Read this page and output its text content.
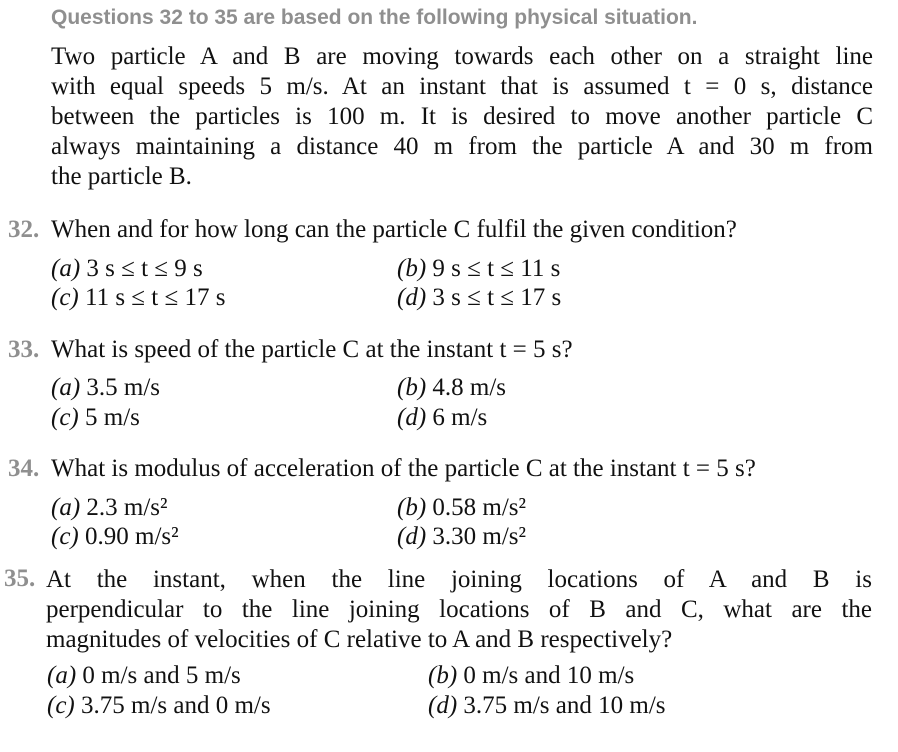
Questions 32 to 35 are based on the following physical situation.
Two particle A and B are moving towards each other on a straight line
with equal speeds 5 m/s. At an instant that is assumed t = 0 s, distance
between the particles is 100 m. It is desired to move another particle C
always maintaining a distance 40 m from the particle A and 30 m from
the particle B.
32. When and for how long can the particle C fulfil the given condition?
(a) 3 s ≤ t ≤ 9 s	(b) 9 s ≤ t ≤ 11 s
(c) 11 s ≤ t ≤ 17 s	(d) 3 s ≤ t ≤ 17 s
33. What is speed of the particle C at the instant t = 5 s?
(a) 3.5 m/s	(b) 4.8 m/s
(c) 5 m/s	(d) 6 m/s
34. What is modulus of acceleration of the particle C at the instant t = 5 s?
(a) 2.3 m/s²	(b) 0.58 m/s²
(c) 0.90 m/s²	(d) 3.30 m/s²
35. At the instant, when the line joining locations of A and B is
perpendicular to the line joining locations of B and C, what are the
magnitudes of velocities of C relative to A and B respectively?
(a) 0 m/s and 5 m/s	(b) 0 m/s and 10 m/s
(c) 3.75 m/s and 0 m/s	(d) 3.75 m/s and 10 m/s
